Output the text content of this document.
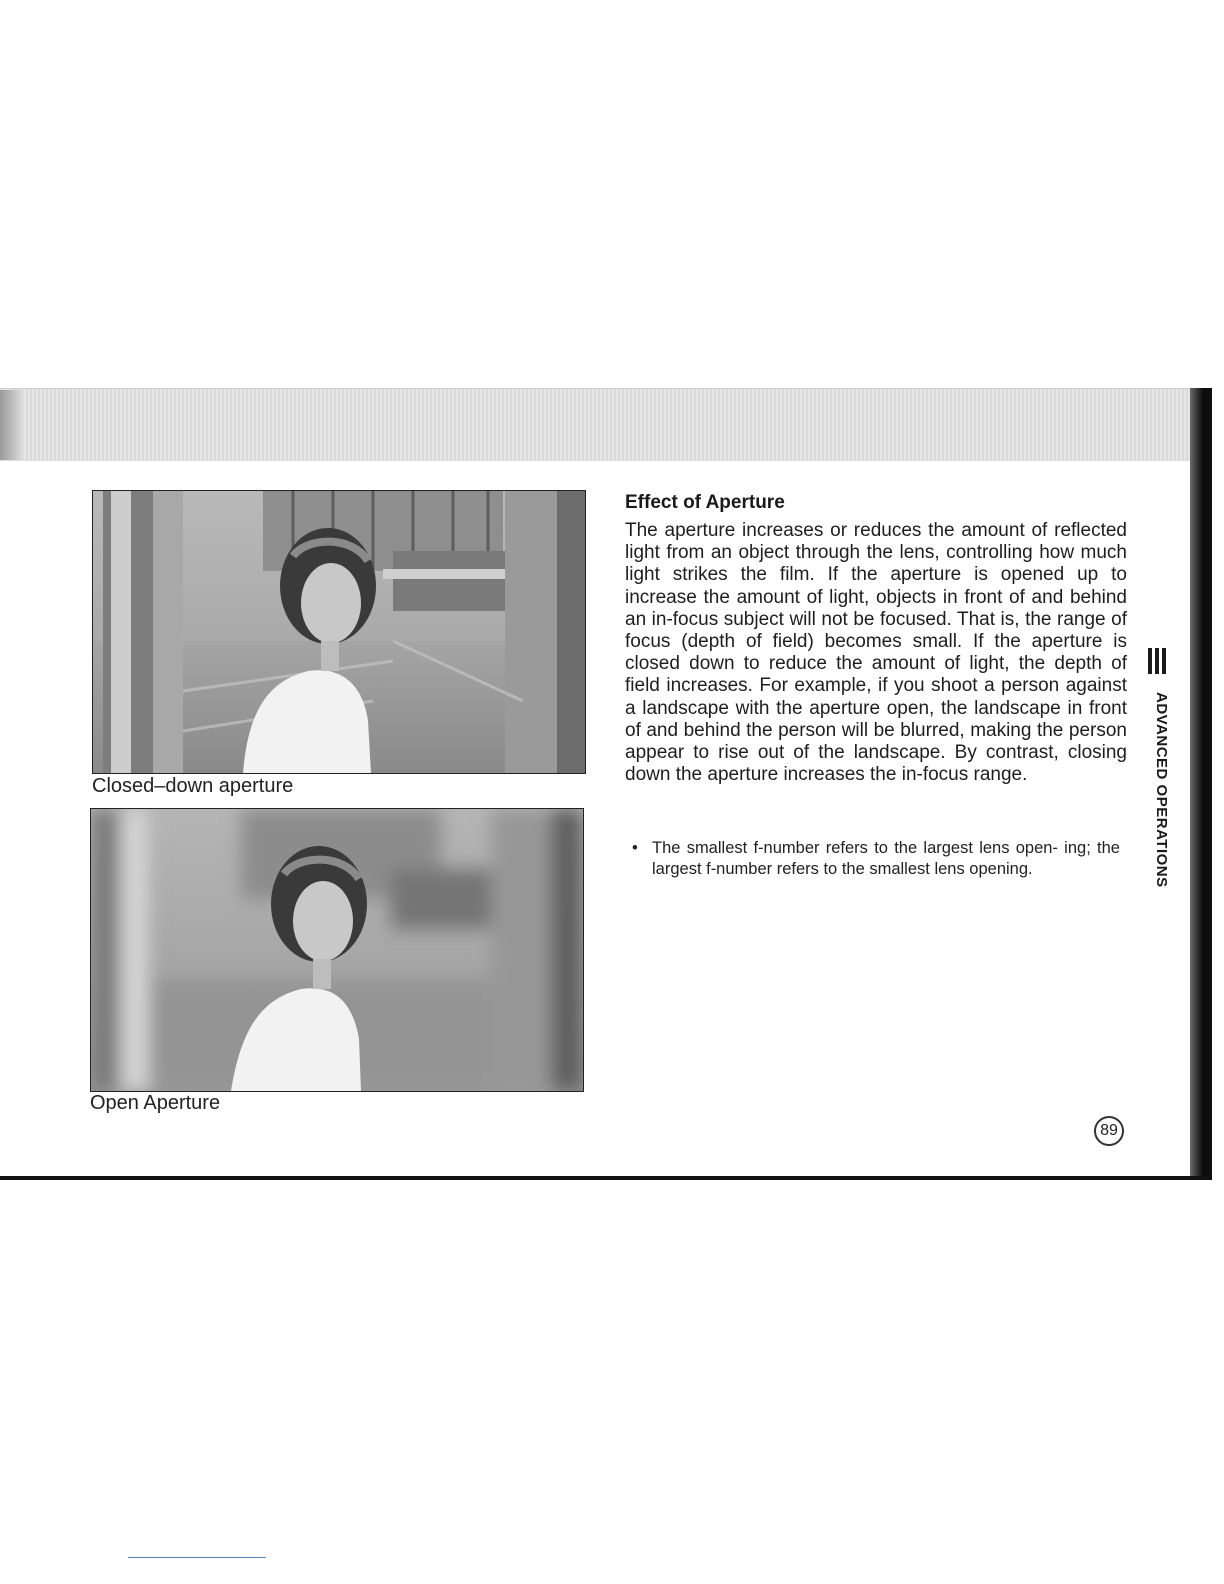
Closed–down aperture
Open Aperture
Effect of Aperture
The aperture increases or reduces the amount of reflected light from an object through the lens, controlling how much light strikes the film. If the aperture is opened up to increase the amount of light, objects in front of and behind an in-focus subject will not be focused. That is, the range of focus (depth of field) becomes small. If the aperture is closed down to reduce the amount of light, the depth of field increases. For example, if you shoot a person against a landscape with the aperture open, the landscape in front of and behind the person will be blurred, making the person appear to rise out of the landscape. By contrast, closing down the aperture increases the in-focus range.
• The smallest f-number refers to the largest lens open- ing; the largest f-number refers to the smallest lens opening.	ADVANCED OPERATIONS
89
